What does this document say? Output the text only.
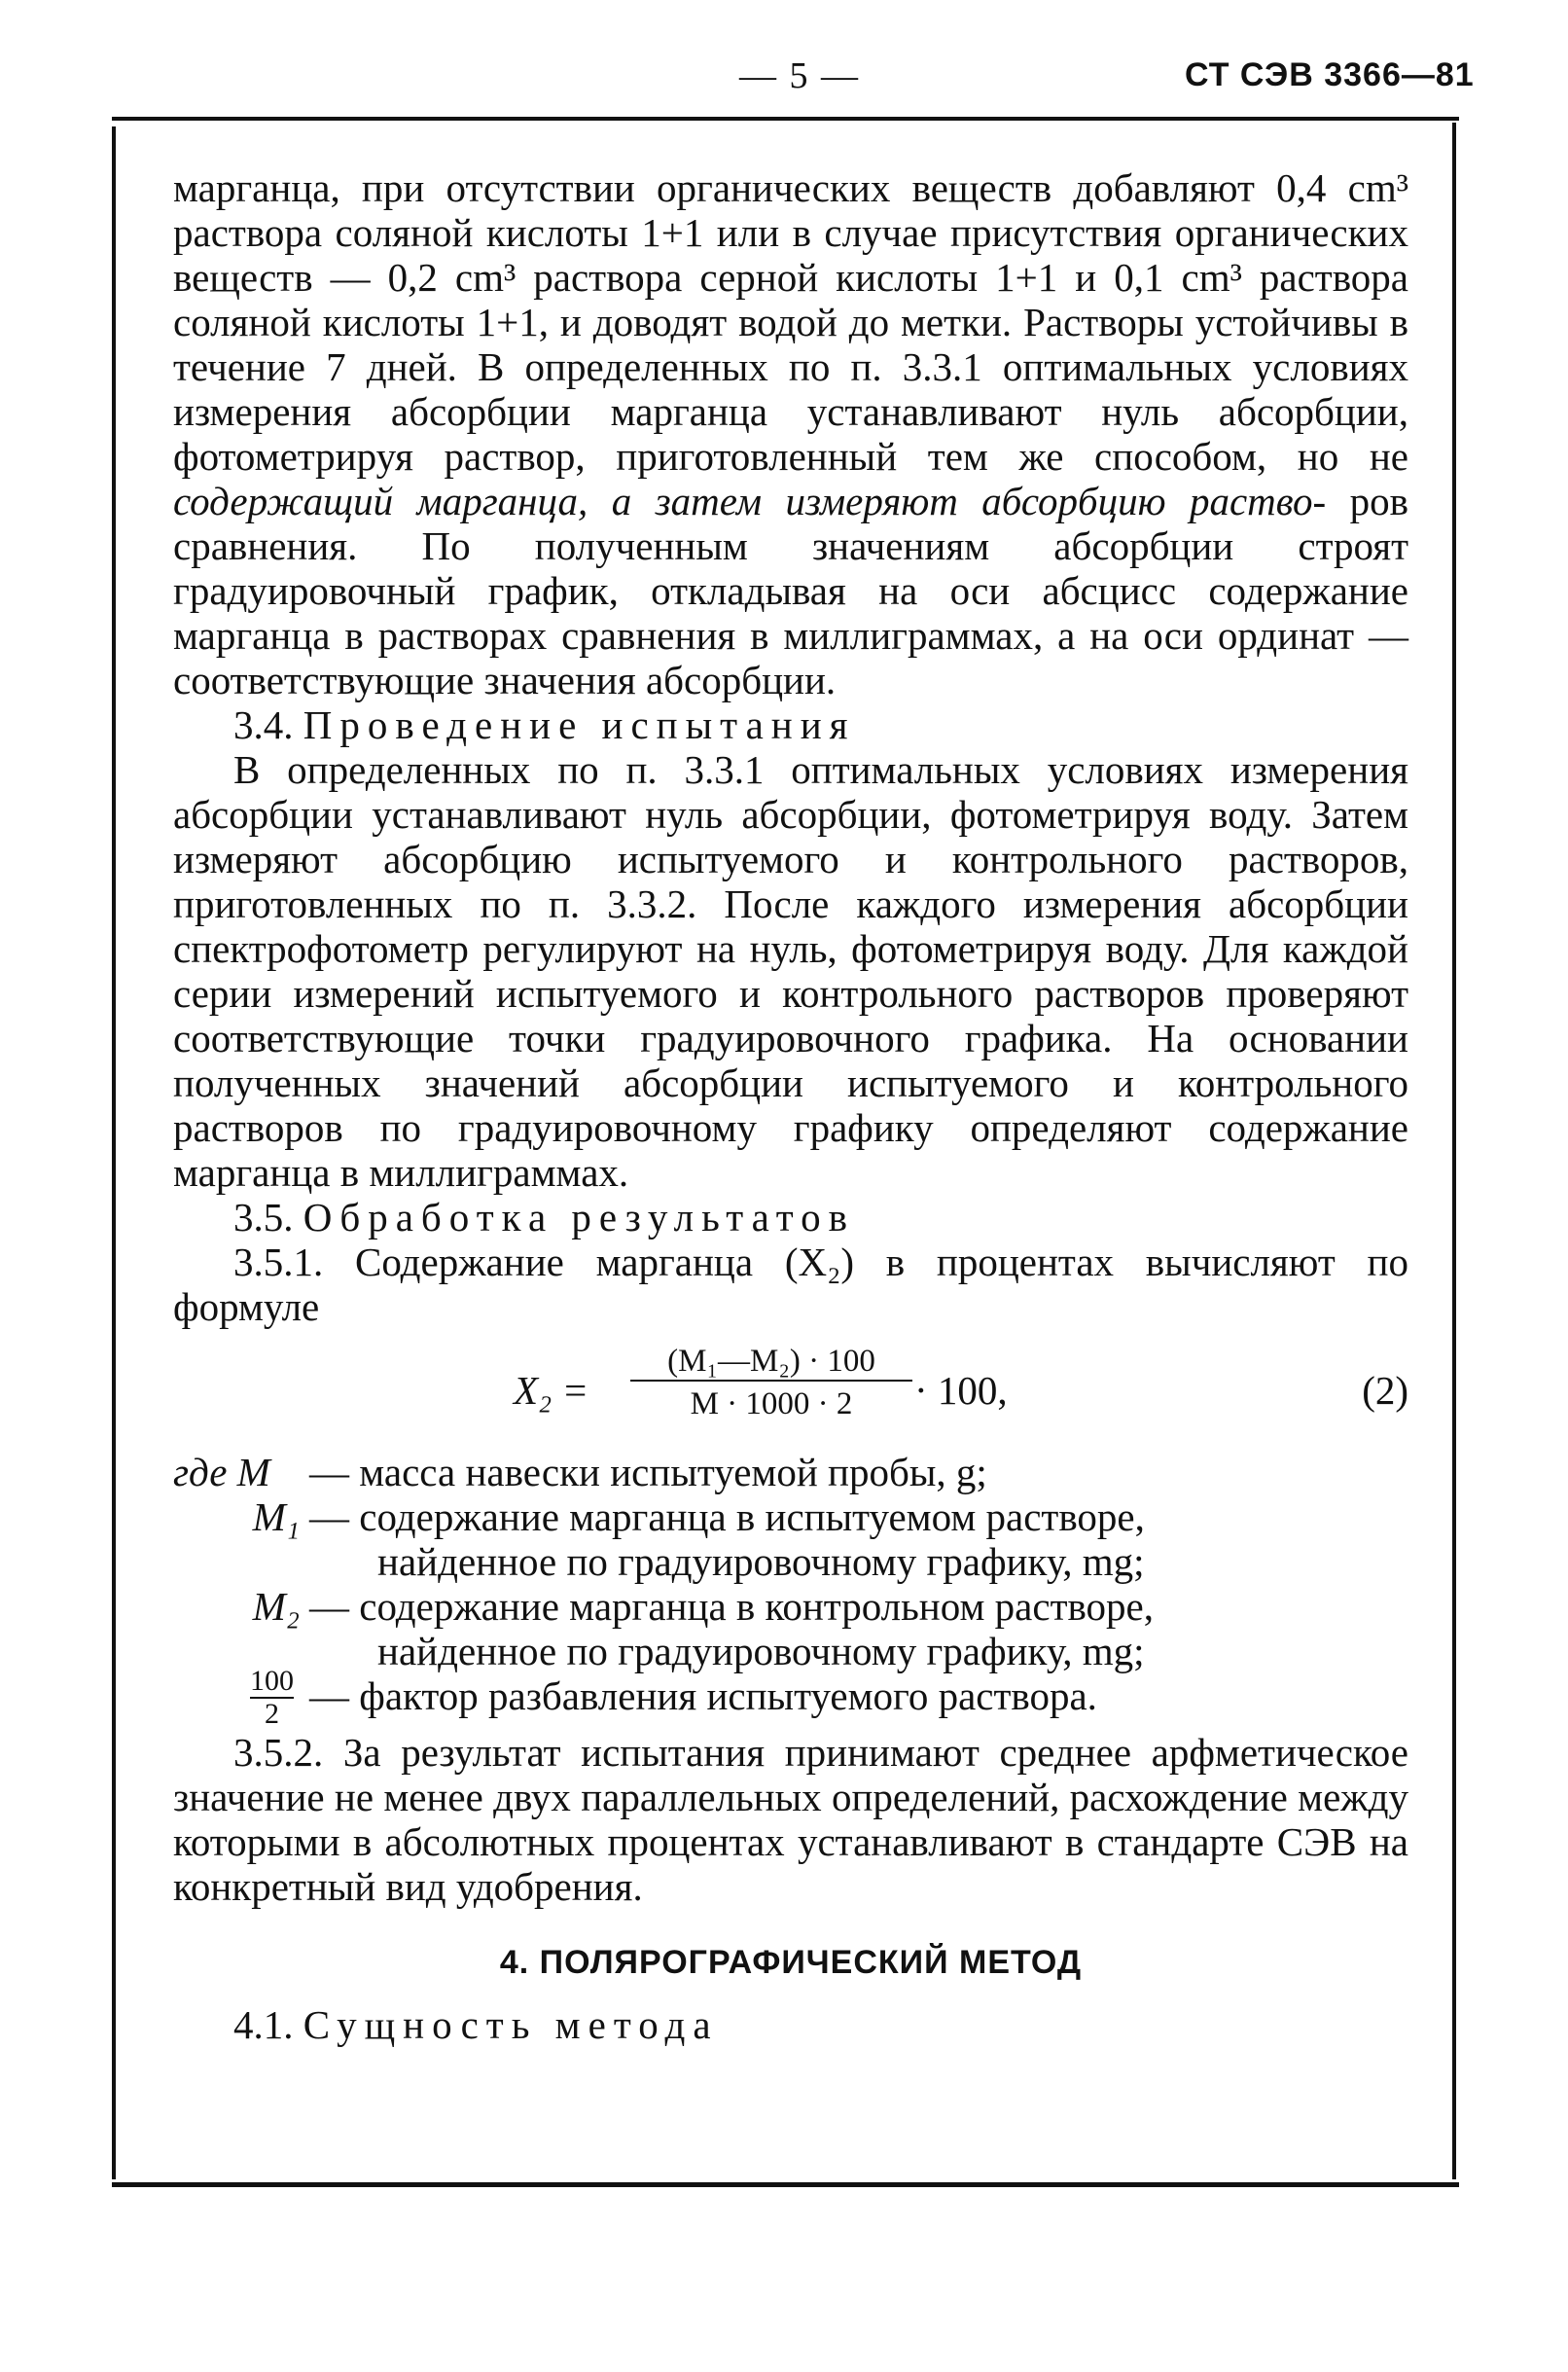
— 5 —	СТ СЭВ 3366—81

марганца, при отсутствии органических веществ добавляют 0,4 cm³ раствора соляной кислоты 1+1 или в случае присутствия органических веществ — 0,2 cm³ раствора серной кислоты 1+1 и 0,1 cm³ раствора соляной кислоты 1+1, и доводят водой до метки. Растворы устойчивы в течение 7 дней. В определенных по п. 3.3.1 оптимальных условиях измерения абсорбции марганца устанавливают нуль абсорбции, фотометрируя раствор, приготовленный тем же способом, но не содержащий марганца, а затем измеряют абсорбцию раство- ров сравнения. По полученным значениям абсорбции строят градуировочный график, откладывая на оси абсцисс содержание марганца в растворах сравнения в миллиграммах, а на оси ординат — соответствующие значения абсорбции.

3.4. Проведение испытания

В определенных по п. 3.3.1 оптимальных условиях измерения абсорбции устанавливают нуль абсорбции, фотометрируя воду. Затем измеряют абсорбцию испытуемого и контрольного растворов, приготовленных по п. 3.3.2. После каждого измерения абсорбции спектрофотометр регулируют на нуль, фотометрируя воду. Для каждой серии измерений испытуемого и контрольного растворов проверяют соответствующие точки градуировочного графика. На основании полученных значений абсорбции испытуемого и контрольного растворов по градуировочному графику определяют содержание марганца в миллиграммах.

3.5. Обработка результатов

3.5.1. Содержание марганца (X₂) в процентах вычисляют по формуле

X₂ =
(M₁—M₂) · 100
M · 1000 · 2	· 100,	(2)
где M — масса навески испытуемой пробы, g;
M₁ — содержание марганца в испытуемом растворе,
найденное по градуировочному графику, mg;
M₂ — содержание марганца в контрольном растворе,
найденное по градуировочному графику, mg;
$\frac{100}{2}$ — фактор разбавления испытуемого раствора.

3.5.2. За результат испытания принимают среднее арфметическое значение не менее двух параллельных определений, расхождение между которыми в абсолютных процентах устанавливают в стандарте СЭВ на конкретный вид удобрения.

4. ПОЛЯРОГРАФИЧЕСКИЙ МЕТОД

4.1. Сущность метода
